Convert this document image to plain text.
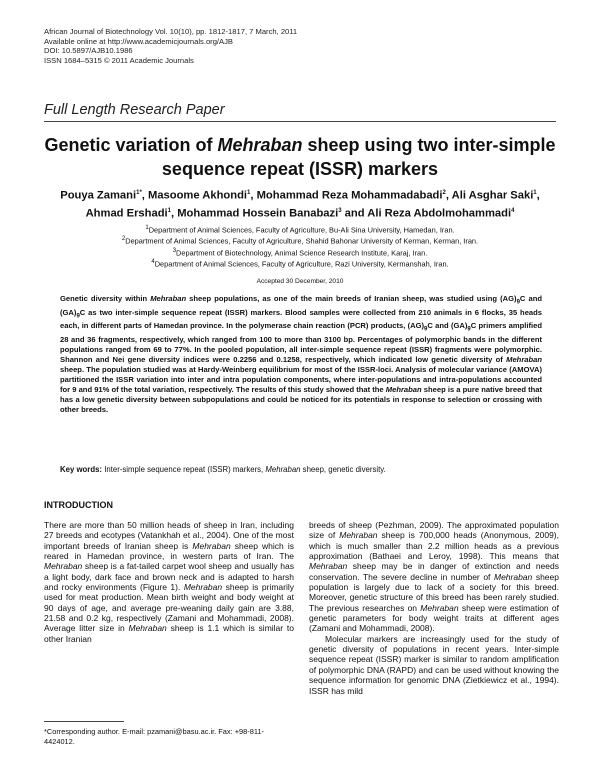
African Journal of Biotechnology Vol. 10(10), pp. 1812-1817, 7 March, 2011
Available online at http://www.academicjournals.org/AJB
DOI: 10.5897/AJB10.1986
ISSN 1684–5315 © 2011 Academic Journals
Full Length Research Paper
Genetic variation of Mehraban sheep using two inter-simple sequence repeat (ISSR) markers
Pouya Zamani$^{1*}$, Masoome Akhondi$^1$, Mohammad Reza Mohammadabadi$^2$, Ali Asghar Saki$^1$, Ahmad Ershadi$^1$, Mohammad Hossein Banabazi$^3$ and Ali Reza Abdolmohammadi$^4$
$^1$Department of Animal Sciences, Faculty of Agriculture, Bu-Ali Sina University, Hamedan, Iran.
$^2$Department of Animal Sciences, Faculty of Agriculture, Shahid Bahonar University of Kerman, Kerman, Iran.
$^3$Department of Biotechnology, Animal Science Research Institute, Karaj, Iran.
$^4$Department of Animal Sciences, Faculty of Agriculture, Razi University, Kermanshah, Iran.
Accepted 30 December, 2010
Genetic diversity within Mehraban sheep populations, as one of the main breeds of Iranian sheep, was studied using $(AG)_9C$ and $(GA)_9C$ as two inter-simple sequence repeat (ISSR) markers. Blood samples were collected from 210 animals in 6 flocks, 35 heads each, in different parts of Hamedan province. In the polymerase chain reaction (PCR) products, $(AG)_9C$ and $(GA)_9C$ primers amplified 28 and 36 fragments, respectively, which ranged from 100 to more than 3100 bp. Percentages of polymorphic bands in the different populations ranged from 69 to 77%. In the pooled population, all inter-simple sequence repeat (ISSR) fragments were polymorphic. Shannon and Nei gene diversity indices were 0.2256 and 0.1258, respectively, which indicated low genetic diversity of Mehraban sheep. The population studied was at Hardy-Weinberg equilibrium for most of the ISSR-loci. Analysis of molecular variance (AMOVA) partitioned the ISSR variation into inter and intra population components, where inter-populations and intra-populations accounted for 9 and 91% of the total variation, respectively. The results of this study showed that the Mehraban sheep is a pure native breed that has a low genetic diversity between subpopulations and could be noticed for its potentials in response to selection or crossing with other breeds.
Key words: Inter-simple sequence repeat (ISSR) markers, Mehraban sheep, genetic diversity.
INTRODUCTION

There are more than 50 million heads of sheep in Iran, including 27 breeds and ecotypes (Vatankhah et al., 2004). One of the most important breeds of Iranian sheep is Mehraban sheep which is reared in Hamedan province, in western parts of Iran. The Mehraban sheep is a fat-tailed carpet wool sheep and usually has a light body, dark face and brown neck and is adapted to harsh and rocky environments (Figure 1). Mehraban sheep is primarily used for meat production. Mean birth weight and body weight at 90 days of age, and average pre-weaning daily gain are 3.88, 21.58 and 0.2 kg, respectively (Zamani and Mohammadi, 2008). Average litter size in Mehraban sheep is 1.1 which is similar to other Iranian

breeds of sheep (Pezhman, 2009). The approximated population size of Mehraban sheep is 700,000 heads (Anonymous, 2009), which is much smaller than 2.2 million heads as a previous approximation (Bathaei and Leroy, 1998). This means that Mehraban sheep may be in danger of extinction and needs conservation. The severe decline in number of Mehraban sheep population is largely due to lack of a society for this breed. Moreover, genetic structure of this breed has been rarely studied. The previous researches on Mehraban sheep were estimation of genetic parameters for body weight traits at different ages (Zamani and Mohammadi, 2008).

Molecular markers are increasingly used for the study of genetic diversity of populations in recent years. Inter-simple sequence repeat (ISSR) marker is similar to random amplification of polymorphic DNA (RAPD) and can be used without knowing the sequence information for genomic DNA (Zietkiewicz et al., 1994). ISSR has mild

*Corresponding author. E-mail: pzamani@basu.ac.ir. Fax: +98-811-4424012.
